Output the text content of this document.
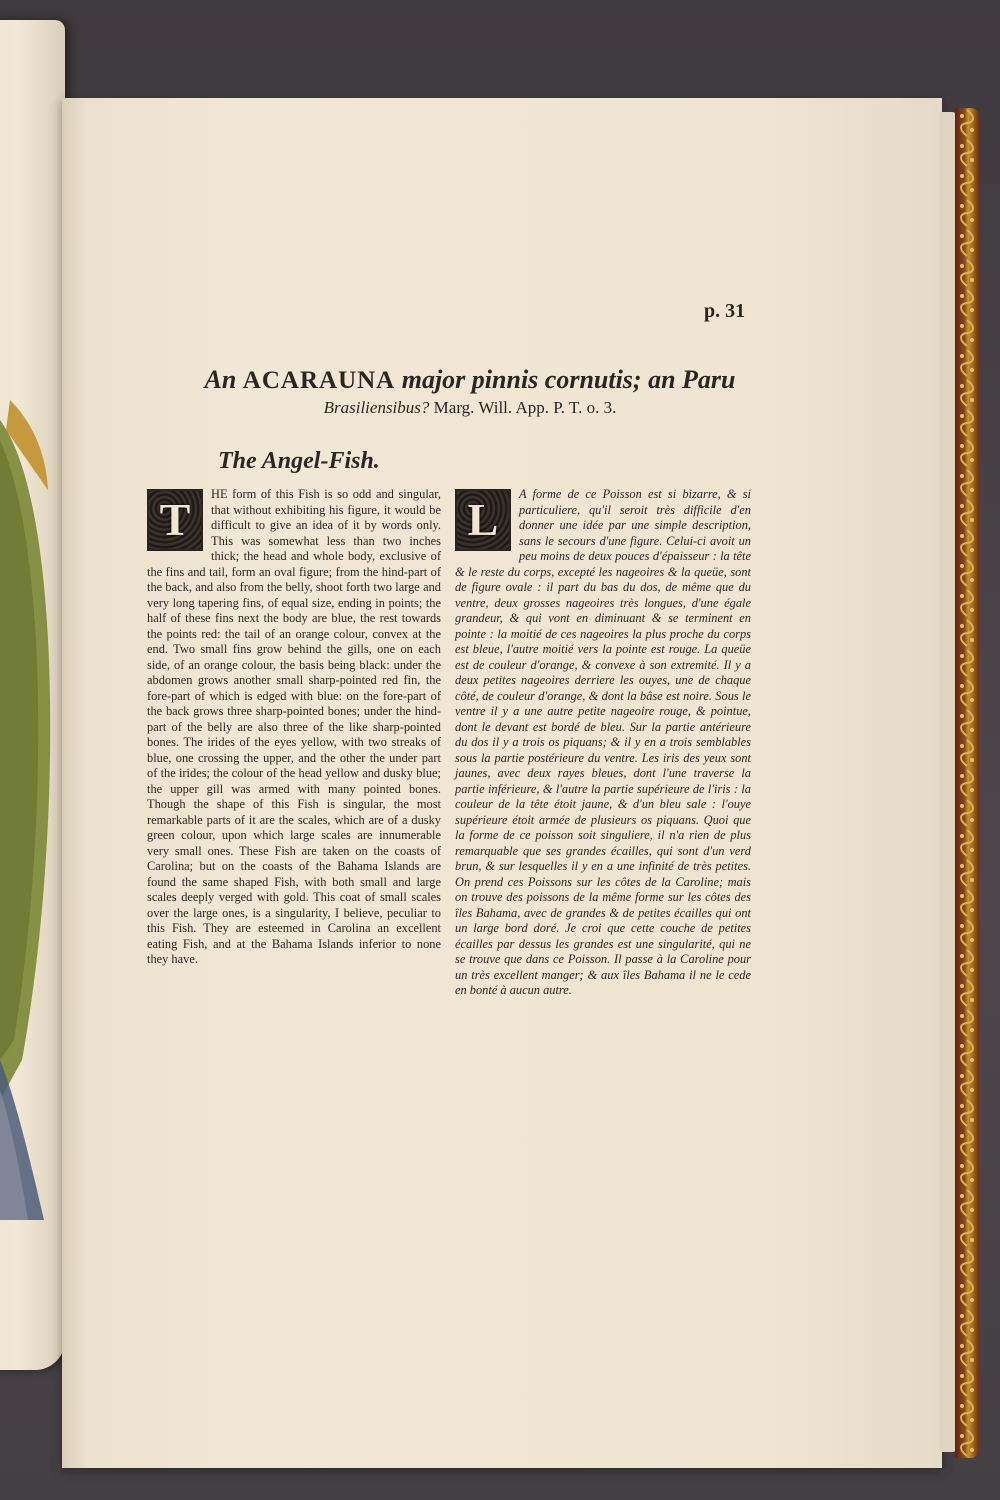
p. 31

An ACARAUNA major pinnis cornutis; an Paru

Brasiliensibus? Marg. Will. App. P. T. o. 3.

The Angel-Fish.
T

HE form of this Fish is so odd and singular, that without exhibiting his figure, it would be difficult to give an idea of it by words only. This was somewhat less than two inches thick; the head and whole body, exclusive of the fins and tail, form an oval figure; from the hind-part of the back, and also from the belly, shoot forth two large and very long tapering fins, of equal size, ending in points; the half of these fins next the body are blue, the rest towards the points red: the tail of an orange colour, convex at the end. Two small fins grow behind the gills, one on each side, of an orange colour, the basis being black: under the abdomen grows another small sharp-pointed red fin, the fore-part of which is edged with blue: on the fore-part of the back grows three sharp-pointed bones; under the hind-part of the belly are also three of the like sharp-pointed bones. The irides of the eyes yellow, with two streaks of blue, one crossing the upper, and the other the under part of the irides; the colour of the head yellow and dusky blue; the upper gill was armed with many pointed bones. Though the shape of this Fish is singular, the most remarkable parts of it are the scales, which are of a dusky green colour, upon which large scales are innumerable very small ones. These Fish are taken on the coasts of Carolina; but on the coasts of the Bahama Islands are found the same shaped Fish, with both small and large scales deeply verged with gold. This coat of small scales over the large ones, is a singularity, I believe, peculiar to this Fish. They are esteemed in Carolina an excellent eating Fish, and at the Bahama Islands inferior to none they have.

L

A forme de ce Poisson est si bizarre, & si particuliere, qu'il seroit très difficile d'en donner une idée par une simple description, sans le secours d'une figure. Celui-ci avoit un peu moins de deux pouces d'épaisseur : la tête & le reste du corps, excepté les nageoires & la queüe, sont de figure ovale : il part du bas du dos, de même que du ventre, deux grosses nageoires très longues, d'une égale grandeur, & qui vont en diminuant & se terminent en pointe : la moitié de ces nageoires la plus proche du corps est bleue, l'autre moitié vers la pointe est rouge. La queüe est de couleur d'orange, & convexe à son extremité. Il y a deux petites nageoires derriere les ouyes, une de chaque côté, de couleur d'orange, & dont la bâse est noire. Sous le ventre il y a une autre petite nageoire rouge, & pointue, dont le devant est bordé de bleu. Sur la partie antérieure du dos il y a trois os piquans; & il y en a trois semblables sous la partie postérieure du ventre. Les iris des yeux sont jaunes, avec deux rayes bleues, dont l'une traverse la partie inférieure, & l'autre la partie supérieure de l'iris : la couleur de la tête étoit jaune, & d'un bleu sale : l'ouye supérieure étoit armée de plusieurs os piquans. Quoi que la forme de ce poisson soit singuliere, il n'a rien de plus remarquable que ses grandes écailles, qui sont d'un verd brun, & sur lesquelles il y en a une infinité de très petites. On prend ces Poissons sur les côtes de la Caroline; mais on trouve des poissons de la même forme sur les côtes des îles Bahama, avec de grandes & de petites écailles qui ont un large bord doré. Je croi que cette couche de petites écailles par dessus les grandes est une singularité, qui ne se trouve que dans ce Poisson. Il passe à la Caroline pour un très excellent manger; & aux îles Bahama il ne le cede en bonté à aucun autre.
